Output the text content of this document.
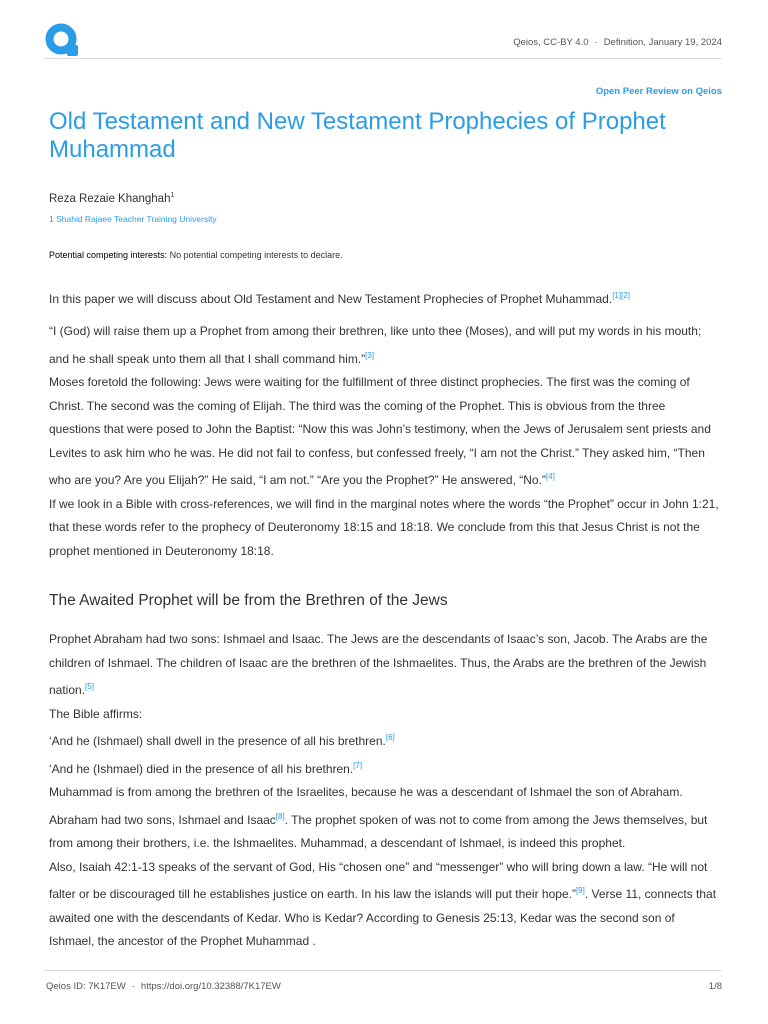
Qeios, CC-BY 4.0 · Definition, January 19, 2024
Open Peer Review on Qeios
Old Testament and New Testament Prophecies of Prophet Muhammad
Reza Rezaie Khanghah$^1$
1 Shahid Rajaee Teacher Training University
Potential competing interests: No potential competing interests to declare.

In this paper we will discuss about Old Testament and New Testament Prophecies of Prophet Muhammad.[1][2]

“I (God) will raise them up a Prophet from among their brethren, like unto thee (Moses), and will put my words in his mouth; and he shall speak unto them all that I shall command him.”[3]

Moses foretold the following: Jews were waiting for the fulfillment of three distinct prophecies. The first was the coming of Christ. The second was the coming of Elijah. The third was the coming of the Prophet. This is obvious from the three questions that were posed to John the Baptist: “Now this was John’s testimony, when the Jews of Jerusalem sent priests and Levites to ask him who he was. He did not fail to confess, but confessed freely, “I am not the Christ.” They asked him, “Then who are you? Are you Elijah?” He said, “I am not.” “Are you the Prophet?” He answered, “No.”[4]

If we look in a Bible with cross-references, we will find in the marginal notes where the words “the Prophet” occur in John 1:21, that these words refer to the prophecy of Deuteronomy 18:15 and 18:18. We conclude from this that Jesus Christ is not the prophet mentioned in Deuteronomy 18:18.

The Awaited Prophet will be from the Brethren of the Jews

Prophet Abraham had two sons: Ishmael and Isaac. The Jews are the descendants of Isaac’s son, Jacob. The Arabs are the children of Ishmael. The children of Isaac are the brethren of the Ishmaelites. Thus, the Arabs are the brethren of the Jewish nation.[5]

The Bible affirms:

‘And he (Ishmael) shall dwell in the presence of all his brethren.[6]

‘And he (Ishmael) died in the presence of all his brethren.[7]

Muhammad is from among the brethren of the Israelites, because he was a descendant of Ishmael the son of Abraham. Abraham had two sons, Ishmael and Isaac[8]. The prophet spoken of was not to come from among the Jews themselves, but from among their brothers, i.e. the Ishmaelites. Muhammad, a descendant of Ishmael, is indeed this prophet.

Also, Isaiah 42:1-13 speaks of the servant of God, His “chosen one” and “messenger” who will bring down a law. “He will not falter or be discouraged till he establishes justice on earth. In his law the islands will put their hope.”[9]. Verse 11, connects that awaited one with the descendants of Kedar. Who is Kedar? According to Genesis 25:13, Kedar was the second son of Ishmael, the ancestor of the Prophet Muhammad .

Qeios ID: 7K17EW · https://doi.org/10.32388/7K17EW	1/8
